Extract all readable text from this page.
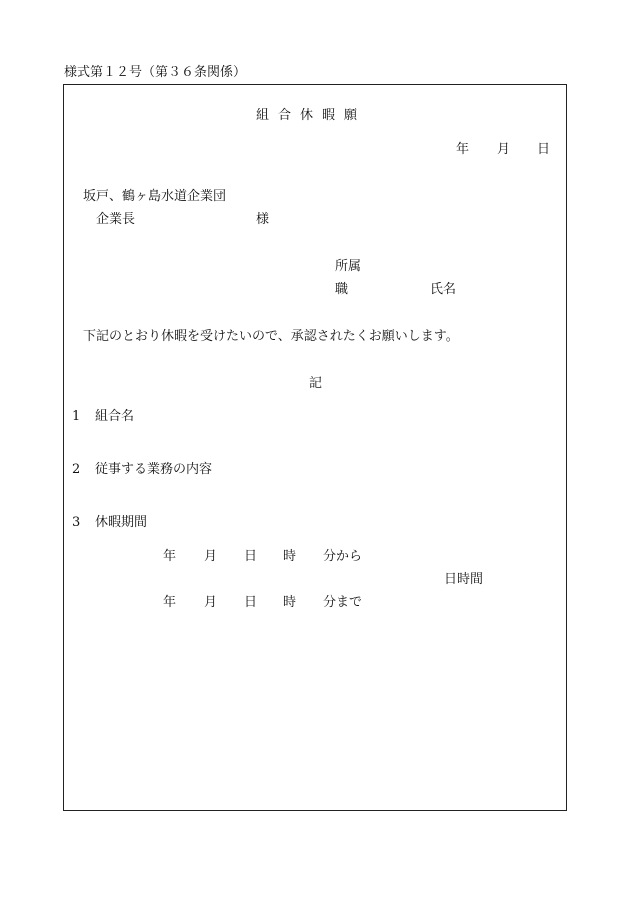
様式第１２号（第３６条関係）
組合休暇願
年 月 日
坂戸、鶴ヶ島水道企業団
企業長	様
所属
職	氏名
下記のとおり休暇を受けたいので、承認されたくお願いします。
記
1 組合名
2 従事する業務の内容
3 休暇期間
年 月 日 時 分から
日時間
年 月 日 時 分まで
